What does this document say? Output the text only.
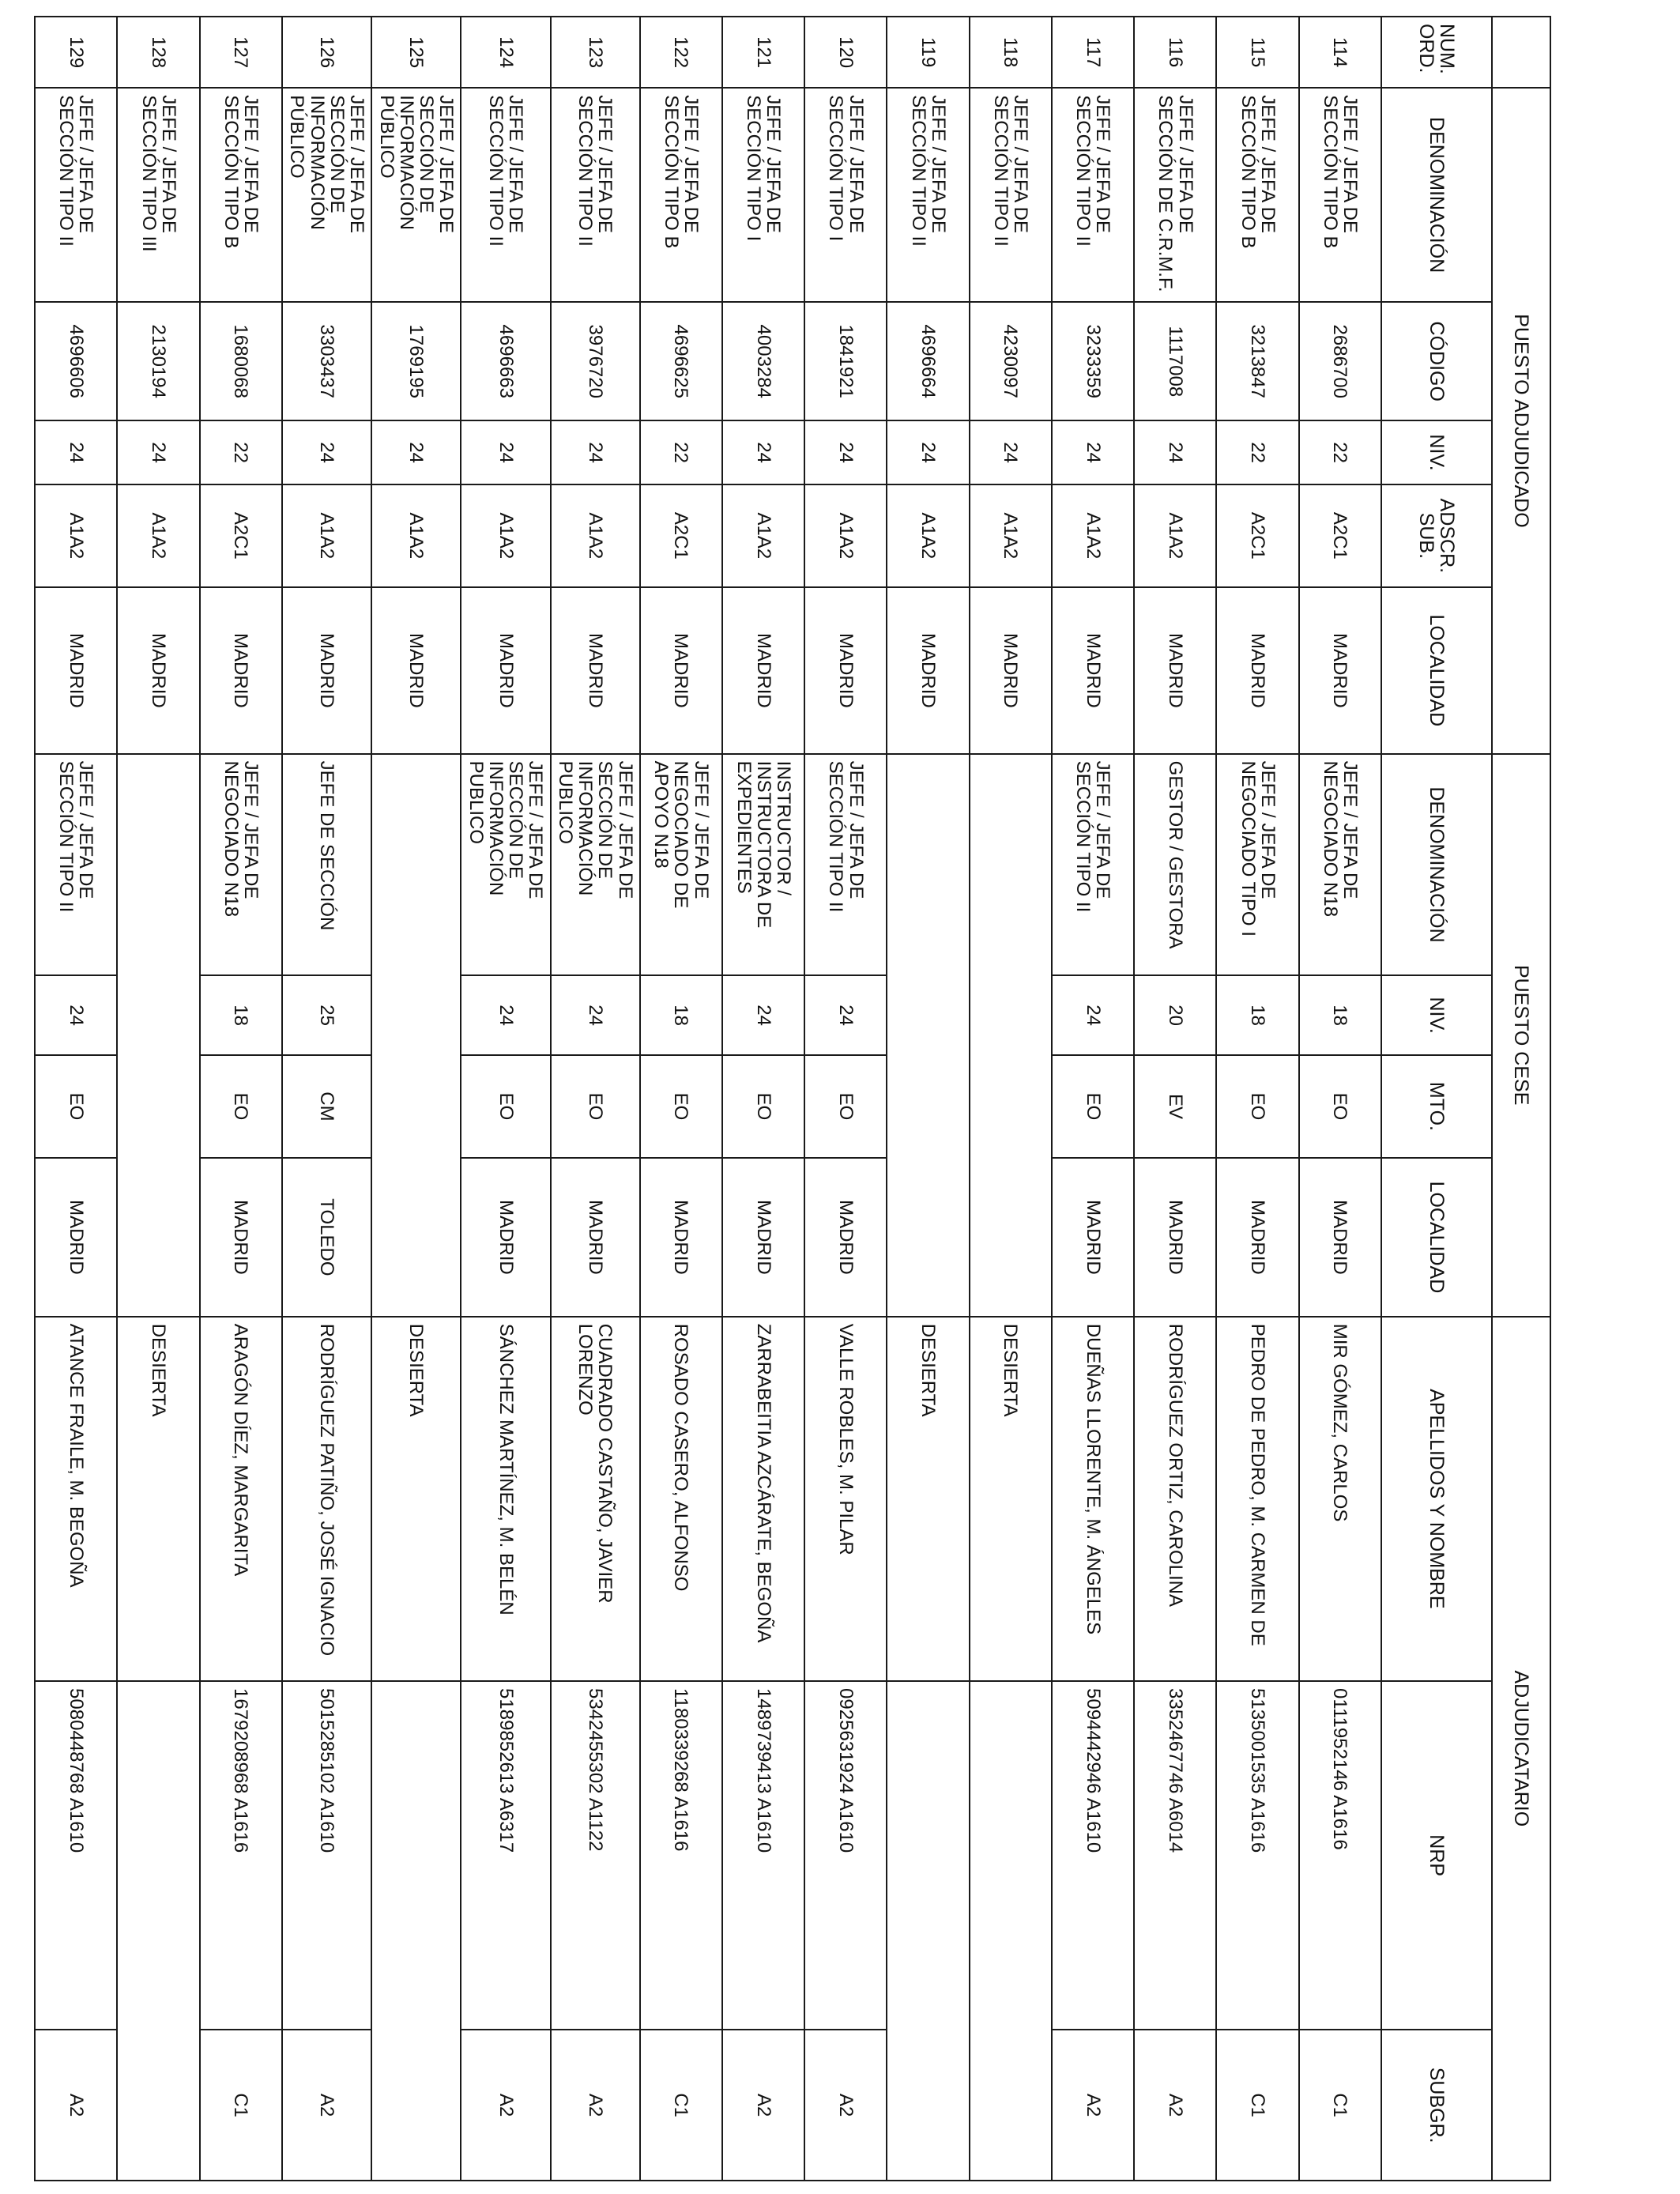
	PUESTO ADJUDICADO					PUESTO CESE				ADJUDICATARIO		
NUM. ORD.	DENOMINACIÓN	CÓDIGO	NIV.	ADSCR. SUB.	LOCALIDAD	DENOMINACIÓN	NIV.	MTO.	LOCALIDAD	APELLIDOS Y NOMBRE	NRP	SUBGR.
114	JEFE / JEFA DE SECCIÓN TIPO B	2686700	22	A2C1	MADRID	JEFE / JEFA DE NEGOCIADO N18	18	EO	MADRID	MIR GÓMEZ, CARLOS	0111952146 A1616	C1
115	JEFE / JEFA DE SECCIÓN TIPO B	3213847	22	A2C1	MADRID	JEFE / JEFA DE NEGOCIADO TIPO I	18	EO	MADRID	PEDRO DE PEDRO, M. CARMEN DE	5135001535 A1616	C1
116	JEFE / JEFA DE SECCIÓN DE C.R.M.F.	1117008	24	A1A2	MADRID	GESTOR / GESTORA	20	EV	MADRID	RODRÍGUEZ ORTIZ, CAROLINA	3352467746 A6014	A2
117	JEFE / JEFA DE SECCIÓN TIPO II	3233359	24	A1A2	MADRID	JEFE / JEFA DE SECCIÓN TIPO II	24	EO	MADRID	DUEÑAS LLORENTE, M. ÁNGELES	5094442946 A1610	A2
118	JEFE / JEFA DE SECCIÓN TIPO II	4230097	24	A1A2	MADRID					DESIERTA		
119	JEFE / JEFA DE SECCIÓN TIPO II	4696664	24	A1A2	MADRID					DESIERTA		
120	JEFE / JEFA DE SECCIÓN TIPO I	1841921	24	A1A2	MADRID	JEFE / JEFA DE SECCIÓN TIPO II	24	EO	MADRID	VALLE ROBLES, M. PILAR	0925631924 A1610	A2
121	JEFE / JEFA DE SECCIÓN TIPO I	4003284	24	A1A2	MADRID	INSTRUCTOR / INSTRUCTORA DE EXPEDIENTES	24	EO	MADRID	ZARRABEITIA AZCÁRATE, BEGOÑA	1489739413 A1610	A2
122	JEFE / JEFA DE SECCIÓN TIPO B	4696625	22	A2C1	MADRID	JEFE / JEFA DE NEGOCIADO DE APOYO N18	18	EO	MADRID	ROSADO CASERO, ALFONSO	1180339268 A1616	C1
123	JEFE / JEFA DE SECCIÓN TIPO II	3976720	24	A1A2	MADRID	JEFE / JEFA DE SECCIÓN DE INFORMACIÓN PUBLICO	24	EO	MADRID	CUADRADO CASTAÑO, JAVIER LORENZO	5342455302 A1122	A2
124	JEFE / JEFA DE SECCIÓN TIPO II	4696663	24	A1A2	MADRID	JEFE / JEFA DE SECCIÓN DE INFORMACIÓN PUBLICO	24	EO	MADRID	SÁNCHEZ MARTÍNEZ, M. BELÉN	5189852613 A6317	A2
125	JEFE / JEFA DE SECCIÓN DE INFORMACIÓN PÚBLICO	1769195	24	A1A2	MADRID					DESIERTA		
126	JEFE / JEFA DE SECCIÓN DE INFORMACIÓN PÚBLICO	3303437	24	A1A2	MADRID	JEFE DE SECCIÓN	25	CM	TOLEDO	RODRÍGUEZ PATIÑO, JOSÉ IGNACIO	5015285102 A1610	A2
127	JEFE / JEFA DE SECCIÓN TIPO B	1680068	22	A2C1	MADRID	JEFE / JEFA DE NEGOCIADO N18	18	EO	MADRID	ARAGÓN DÍEZ, MARGARITA	1679208968 A1616	C1
128	JEFE / JEFA DE SECCIÓN TIPO III	2130194	24	A1A2	MADRID					DESIERTA		
129	JEFE / JEFA DE SECCIÓN TIPO II	4696606	24	A1A2	MADRID	JEFE / JEFA DE SECCIÓN TIPO II	24	EO	MADRID	ATANCE FRAILE, M. BEGOÑA	5080448768 A1610	A2
